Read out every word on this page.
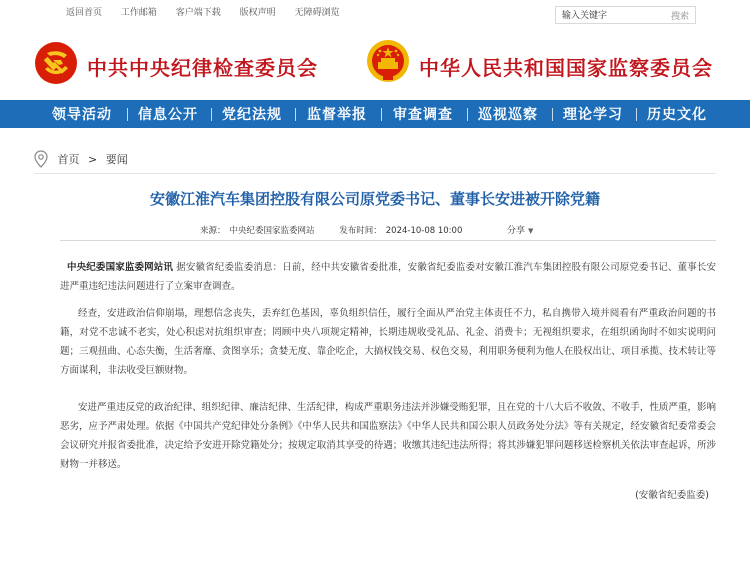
返回首页 工作邮箱 客户端下载 版权声明 无障碍浏览
输入关键字	搜索
中共中央纪律检查委员会	中华人民共和国国家监察委员会
领导活动 信息公开 党纪法规 监督举报 审查调查 巡视巡察 理论学习 历史文化
首页 > 要闻
安徽江淮汽车集团控股有限公司原党委书记、董事长安进被开除党籍
来源： 中央纪委国家监委网站	发布时间： 2024-10-08 10:00	分享 ▼
中央纪委国家监委网站讯 据安徽省纪委监委消息：日前，经中共安徽省委批准，安徽省纪委监委对安徽江淮汽车集团控股有限公司原党委书记、董事长安进严重违纪违法问题进行了立案审查调查。
经查，安进政治信仰崩塌，理想信念丧失，丢弃红色基因，辜负组织信任，履行全面从严治党主体责任不力，私自携带入境并阅看有严重政治问题的书籍，对党不忠诚不老实，处心积虑对抗组织审查；罔顾中央八项规定精神，长期违规收受礼品、礼金、消费卡；无视组织要求，在组织函询时不如实说明问题；三观扭曲、心态失衡，生活奢靡、贪图享乐；贪婪无度、靠企吃企，大搞权钱交易、权色交易，利用职务便利为他人在股权出让、项目承揽、技术转让等方面谋利，非法收受巨额财物。
安进严重违反党的政治纪律、组织纪律、廉洁纪律、生活纪律，构成严重职务违法并涉嫌受贿犯罪，且在党的十八大后不收敛、不收手，性质严重，影响恶劣，应予严肃处理。依据《中国共产党纪律处分条例》《中华人民共和国监察法》《中华人民共和国公职人员政务处分法》等有关规定，经安徽省纪委常委会会议研究并报省委批准，决定给予安进开除党籍处分；按规定取消其享受的待遇；收缴其违纪违法所得；将其涉嫌犯罪问题移送检察机关依法审查起诉，所涉财物一并移送。
(安徽省纪委监委)
